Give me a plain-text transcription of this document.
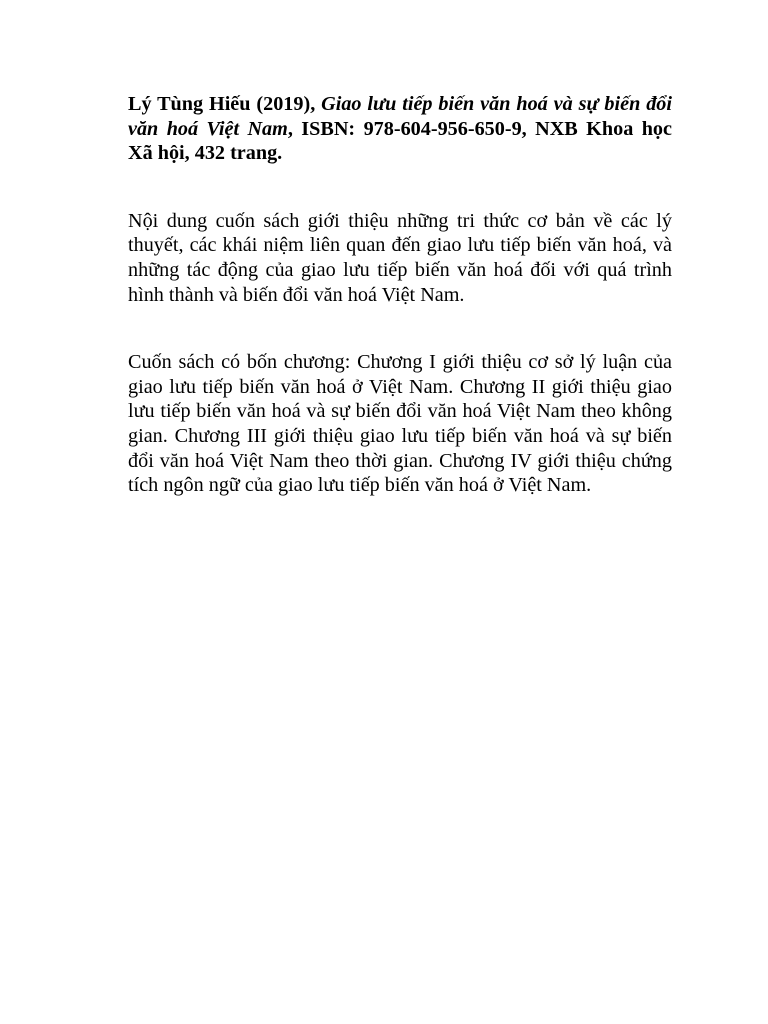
Lý Tùng Hiếu (2019), Giao lưu tiếp biến văn hoá và sự biến đổi văn hoá Việt Nam, ISBN: 978-604-956-650-9, NXB Khoa học Xã hội, 432 trang.

Nội dung cuốn sách giới thiệu những tri thức cơ bản về các lý thuyết, các khái niệm liên quan đến giao lưu tiếp biến văn hoá, và những tác động của giao lưu tiếp biến văn hoá đối với quá trình hình thành và biến đổi văn hoá Việt Nam.

Cuốn sách có bốn chương: Chương I giới thiệu cơ sở lý luận của giao lưu tiếp biến văn hoá ở Việt Nam. Chương II giới thiệu giao lưu tiếp biến văn hoá và sự biến đổi văn hoá Việt Nam theo không gian. Chương III giới thiệu giao lưu tiếp biến văn hoá và sự biến đổi văn hoá Việt Nam theo thời gian. Chương IV giới thiệu chứng tích ngôn ngữ của giao lưu tiếp biến văn hoá ở Việt Nam.
